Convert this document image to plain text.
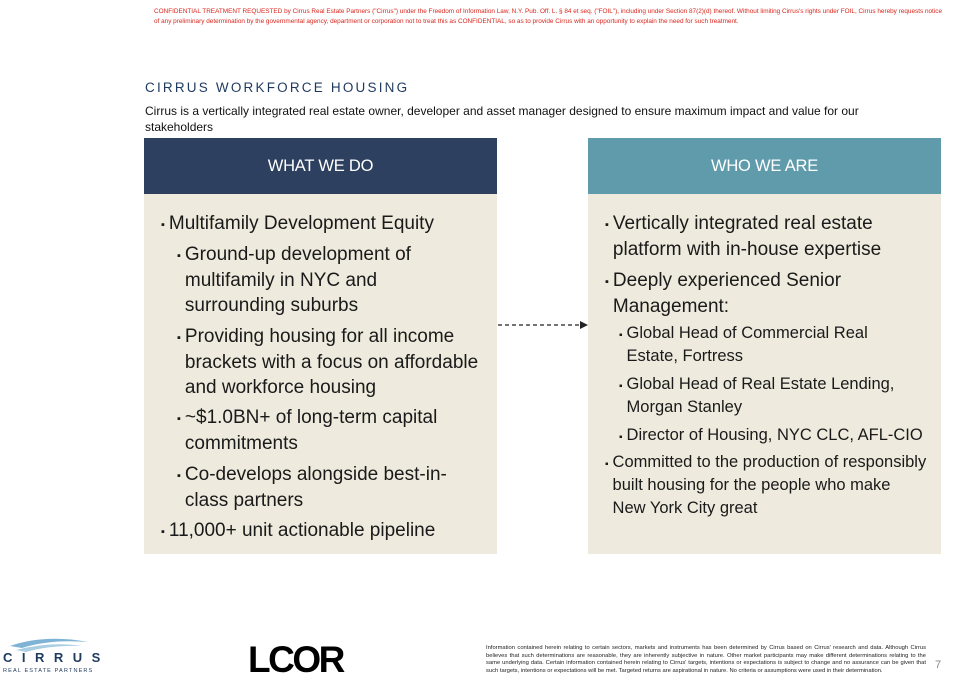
CONFIDENTIAL TREATMENT REQUESTED by Cirrus Real Estate Partners ("Cirrus") under the Freedom of Information Law, N.Y. Pub. Off. L. § 84 et seq. ("FOIL"), including under Section 87(2)(d) thereof. Without limiting Cirrus's rights under FOIL, Cirrus hereby requests notice of any preliminary determination by the governmental agency, department or corporation not to treat this as CONFIDENTIAL, so as to provide Cirrus with an opportunity to explain the need for such treatment.
CIRRUS WORKFORCE HOUSING
Cirrus is a vertically integrated real estate owner, developer and asset manager designed to ensure maximum impact and value for our stakeholders
WHAT WE DO
▪ Multifamily Development Equity
▪ Ground-up development of multifamily in NYC and surrounding suburbs
▪ Providing housing for all income brackets with a focus on affordable and workforce housing
▪ ~$1.0BN+ of long-term capital commitments
▪ Co-develops alongside best-in-class partners
▪ 11,000+ unit actionable pipeline
WHO WE ARE
▪ Vertically integrated real estate platform with in-house expertise
▪ Deeply experienced Senior Management:
▪ Global Head of Commercial Real Estate, Fortress
▪ Global Head of Real Estate Lending, Morgan Stanley
▪ Director of Housing, NYC CLC, AFL-CIO
▪ Committed to the production of responsibly built housing for the people who make New York City great
CIRRUS
REAL ESTATE PARTNERS	LCOR	Information contained herein relating to certain sectors, markets and instruments has been determined by Cirrus based on Cirrus' research and data. Although Cirrus believes that such determinations are reasonable, they are inherently subjective in nature. Other market participants may make different determinations relating to the same underlying data. Certain information contained herein relating to Cirrus' targets, intentions or expectations is subject to change and no assurance can be given that such targets, intentions or expectations will be met. Targeted returns are aspirational in nature. No criteria or assumptions were used in their determination.	7
